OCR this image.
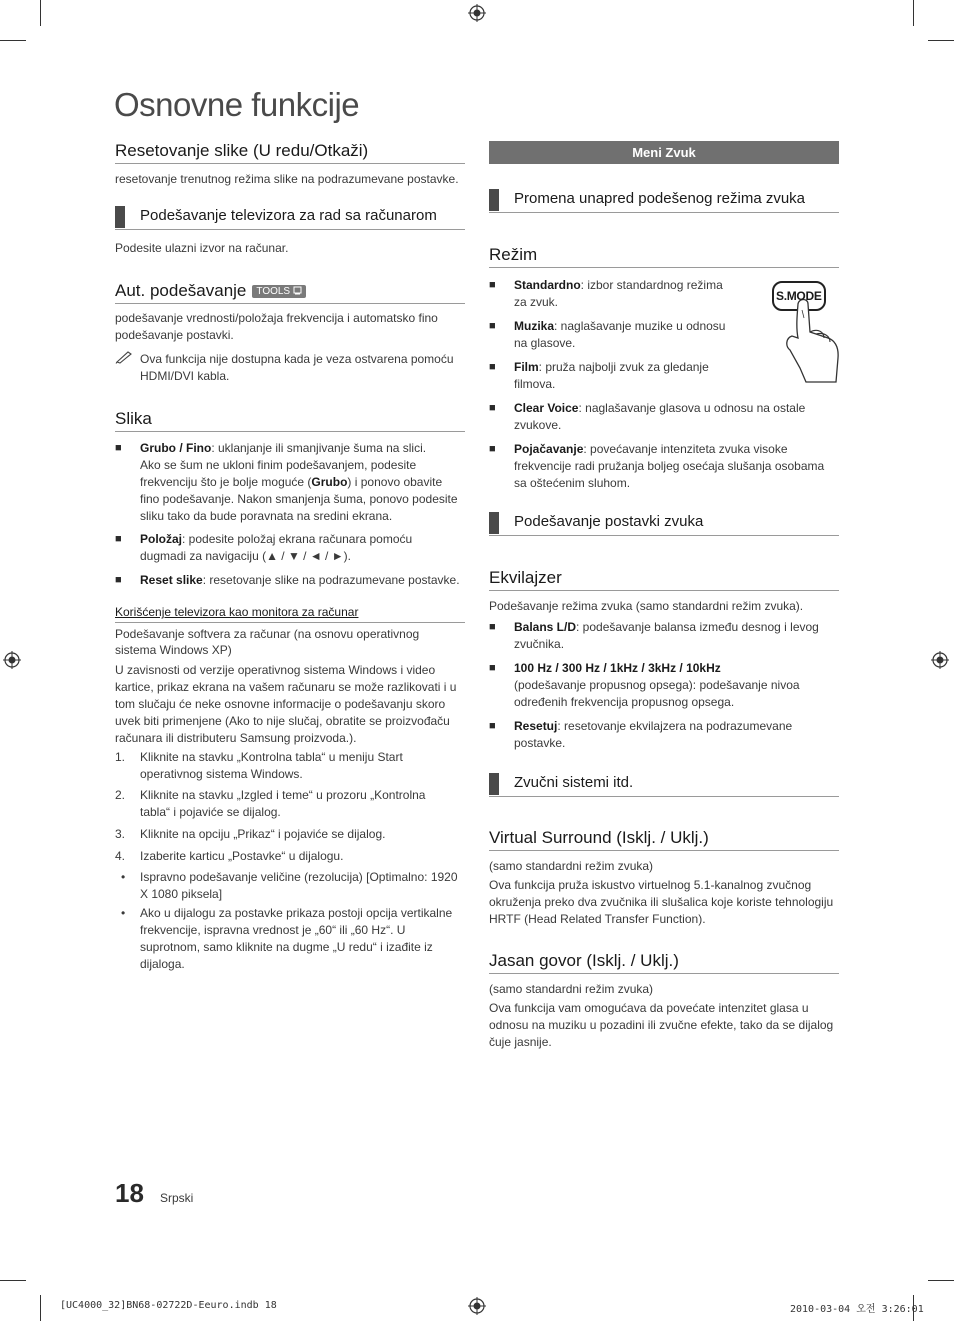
Osnovne funkcije
Resetovanje slike (U redu/Otkaži)
resetovanje trenutnog režima slike na podrazumevane postavke.
Podešavanje televizora za rad sa računarom
Podesite ulazni izvor na računar.
Aut. podešavanje TOOLS
podešavanje vrednosti/položaja frekvencija i automatsko fino
podešavanje postavki.
Ova funkcija nije dostupna kada je veza ostvarena pomoću
HDMI/DVI kabla.
Slika
■ Grubo / Fino: uklanjanje ili smanjivanje šuma na slici.
Ako se šum ne ukloni finim podešavanjem, podesite
frekvenciju što je bolje moguće (Grubo) i ponovo obavite
fino podešavanje. Nakon smanjenja šuma, ponovo podesite
sliku tako da bude poravnata na sredini ekrana.
■ Položaj: podesite položaj ekrana računara pomoću
dugmadi za navigaciju (▲ / ▼ / ◄ / ►).
■ Reset slike: resetovanje slike na podrazumevane postavke.
Korišćenje televizora kao monitora za računar
Podešavanje softvera za računar (na osnovu operativnog
sistema Windows XP)
U zavisnosti od verzije operativnog sistema Windows i video
kartice, prikaz ekrana na vašem računaru se može razlikovati i u
tom slučaju će neke osnovne informacije o podešavanju skoro
uvek biti primenjene (Ako to nije slučaj, obratite se proizvođaču
računara ili distributeru Samsung proizvoda.).
1. Kliknite na stavku „Kontrolna tabla“ u meniju Start
operativnog sistema Windows.
2. Kliknite na stavku „Izgled i teme“ u prozoru „Kontrolna
tabla“ i pojaviće se dijalog.
3. Kliknite na opciju „Prikaz“ i pojaviće se dijalog.
4. Izaberite karticu „Postavke“ u dijalogu.
• Ispravno podešavanje veličine (rezolucija) [Optimalno: 1920
X 1080 piksela]
• Ako u dijalogu za postavke prikaza postoji opcija vertikalne
frekvencije, ispravna vrednost je „60“ ili „60 Hz“. U
suprotnom, samo kliknite na dugme „U redu“ i izađite iz
dijaloga.
Meni Zvuk
Promena unapred podešenog režima zvuka
Režim
S.MODE
■ Standardno: izbor standardnog režima
za zvuk.
■ Muzika: naglašavanje muzike u odnosu
na glasove.
■ Film: pruža najbolji zvuk za gledanje
filmova.
■ Clear Voice: naglašavanje glasova u odnosu na ostale
zvukove.
■ Pojačavanje: povećavanje intenziteta zvuka visoke
frekvencije radi pružanja boljeg osećaja slušanja osobama
sa oštećenim sluhom.
Podešavanje postavki zvuka
Ekvilajzer
Podešavanje režima zvuka (samo standardni režim zvuka).
■ Balans L/D: podešavanje balansa između desnog i levog
zvučnika.
■ 100 Hz / 300 Hz / 1kHz / 3kHz / 10kHz
(podešavanje propusnog opsega): podešavanje nivoa
određenih frekvencija propusnog opsega.
■ Resetuj: resetovanje ekvilajzera na podrazumevane
postavke.
Zvučni sistemi itd.
Virtual Surround (Isklj. / Uklj.)
(samo standardni režim zvuka)
Ova funkcija pruža iskustvo virtuelnog 5.1-kanalnog zvučnog
okruženja preko dva zvučnika ili slušalica koje koriste tehnologiju
HRTF (Head Related Transfer Function).
Jasan govor (Isklj. / Uklj.)
(samo standardni režim zvuka)
Ova funkcija vam omogućava da povećate intenzitet glasa u
odnosu na muziku u pozadini ili zvučne efekte, tako da se dijalog
čuje jasnije.
18 Srpski
[UC4000_32]BN68-02722D-Eeuro.indb 18	2010-03-04 오전 3:26:01
